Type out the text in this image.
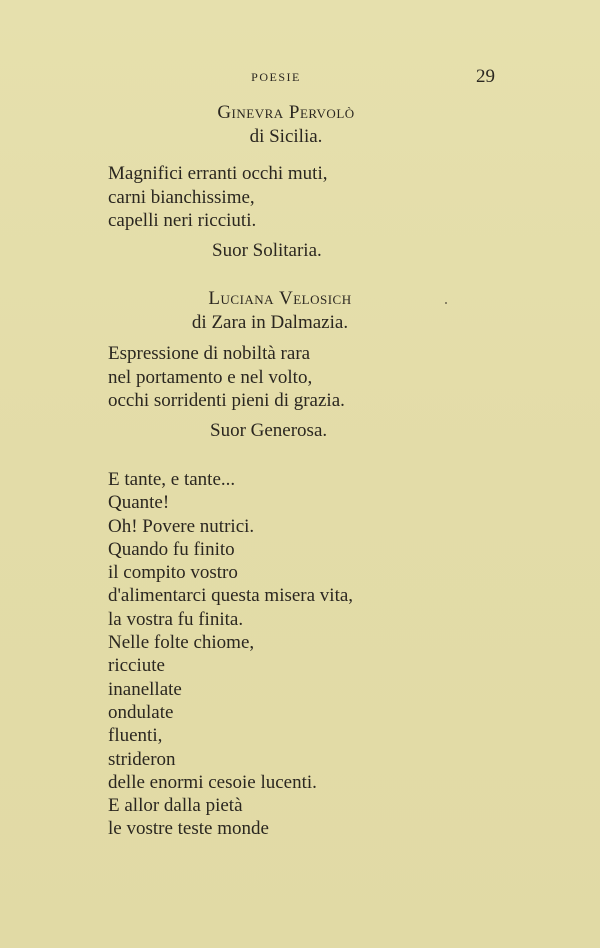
POESIE	29
Ginevra Pervolò
di Sicilia.
Magnifici erranti occhi muti,
carni bianchissime,
capelli neri ricciuti.
Suor Solitaria.
Luciana Velosich
di Zara in Dalmazia.
Espressione di nobiltà rara
nel portamento e nel volto,
occhi sorridenti pieni di grazia.
Suor Generosa.
E tante, e tante...
Quante!
Oh! Povere nutrici.
Quando fu finito
il compito vostro
d'alimentarci questa misera vita,
la vostra fu finita.
Nelle folte chiome,
ricciute
inanellate
ondulate
fluenti,
strideron
delle enormi cesoie lucenti.
E allor dalla pietà
le vostre teste monde
